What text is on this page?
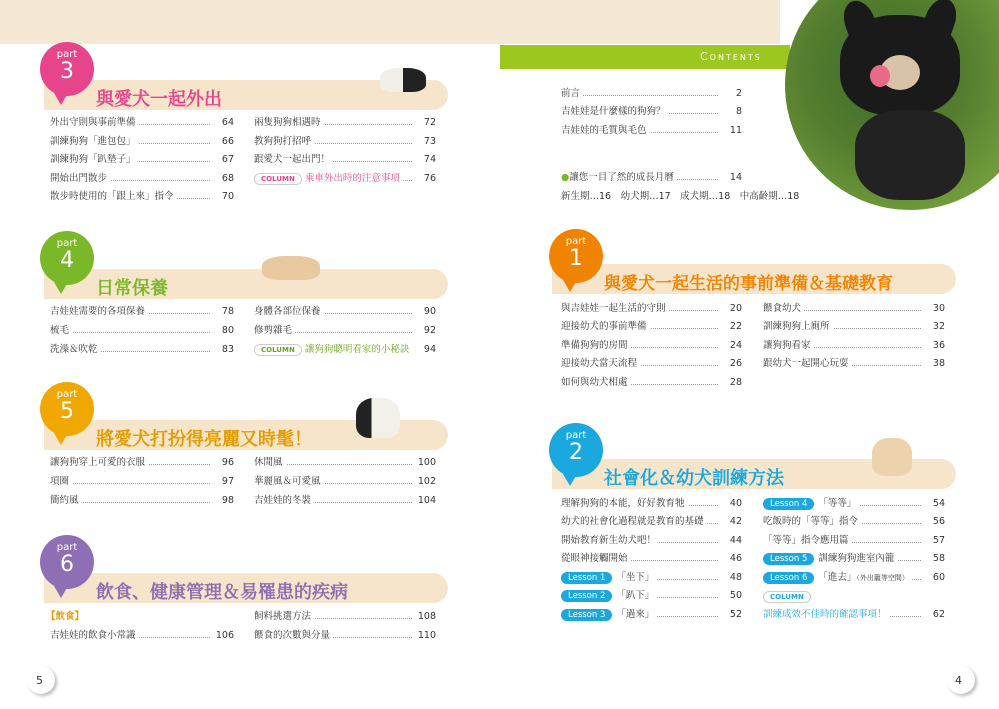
Contents
part
3
與愛犬一起外出
外出守則與事前準備	64
訓練狗狗「進包包」	66
訓練狗狗「趴墊子」	67
開始出門散步	68
散步時使用的「跟上來」指令	70
兩隻狗狗相遇時	72
教狗狗打招呼	73
跟愛犬一起出門！	74
COLUMN 乘車外出時的注意事項	76
part
4
日常保養
吉娃娃需要的各項保養	78
梳毛	80
洗澡＆吹乾	83
身體各部位保養	90
修剪雜毛	92
COLUMN 讓狗狗聰明看家的小秘訣	94
part
5
將愛犬打扮得亮麗又時髦！
讓狗狗穿上可愛的衣服	96
項圈	97
簡約風	98
休閒風	100
華麗風＆可愛風	102
吉娃娃的冬裝	104
part
6
飲食、健康管理＆易罹患的疾病
【飲食】
吉娃娃的飲食小常識	106
飼料挑選方法	108
餵食的次數與分量	110
5
前言	2
吉娃娃是什麼樣的狗狗？	8
吉娃娃的毛質與毛色	11
●讓您一目了然的成長月曆	14
新生期…16　幼犬期…17　成犬期…18　中高齡期…18
part
1
與愛犬一起生活的事前準備＆基礎教育
與吉娃娃一起生活的守則	20
迎接幼犬的事前準備	22
準備狗狗的房間	24
迎接幼犬當天流程	26
如何與幼犬相處	28
餵食幼犬	30
訓練狗狗上廁所	32
讓狗狗看家	36
跟幼犬一起開心玩耍	38
part
2
社會化＆幼犬訓練方法
理解狗狗的本能，好好教育牠	40
幼犬的社會化過程就是教育的基礎	42
開始教育新生幼犬吧！	44
從眼神接觸開始	46
Lesson 1 「坐下」	48
Lesson 2 「趴下」	50
Lesson 3 「過來」	52
Lesson 4 「等等」	54
吃飯時的「等等」指令	56
「等等」指令應用篇	57
Lesson 5 訓練狗狗進室內籠	58
Lesson 6 「進去」（外出籠等空間）	60
COLUMN
訓練成效不佳時的確認事項！	62
4
